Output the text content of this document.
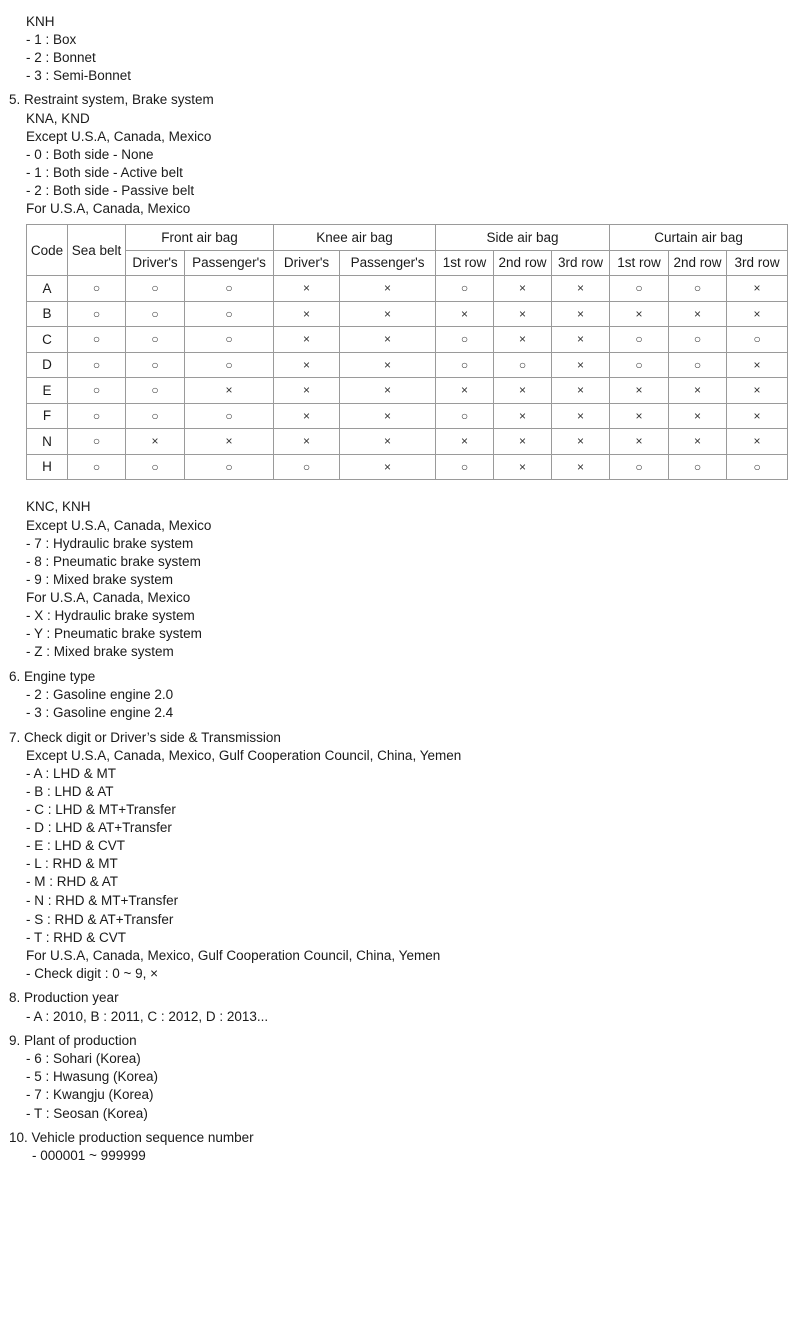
KNH
- 1 : Box
- 2 : Bonnet
- 3 : Semi-Bonnet
5. Restraint system, Brake system
KNA, KND
Except U.S.A, Canada, Mexico
- 0 : Both side - None
- 1 : Both side - Active belt
- 2 : Both side - Passive belt
For U.S.A, Canada, Mexico
Code	Sea belt	Front air bag		Knee air bag		Side air bag			Curtain air bag		
		Driver's	Passenger's	Driver's	Passenger's	1st row	2nd row	3rd row	1st row	2nd row	3rd row
A	○	○	○	×	×	○	×	×	○	○	×
B	○	○	○	×	×	×	×	×	×	×	×
C	○	○	○	×	×	○	×	×	○	○	○
D	○	○	○	×	×	○	○	×	○	○	×
E	○	○	×	×	×	×	×	×	×	×	×
F	○	○	○	×	×	○	×	×	×	×	×
N	○	×	×	×	×	×	×	×	×	×	×
H	○	○	○	○	×	○	×	×	○	○	○
KNC, KNH
Except U.S.A, Canada, Mexico
- 7 : Hydraulic brake system
- 8 : Pneumatic brake system
- 9 : Mixed brake system
For U.S.A, Canada, Mexico
- X : Hydraulic brake system
- Y : Pneumatic brake system
- Z : Mixed brake system
6. Engine type
- 2 : Gasoline engine 2.0
- 3 : Gasoline engine 2.4
7. Check digit or Driver’s side & Transmission
Except U.S.A, Canada, Mexico, Gulf Cooperation Council, China, Yemen
- A : LHD & MT
- B : LHD & AT
- C : LHD & MT+Transfer
- D : LHD & AT+Transfer
- E : LHD & CVT
- L : RHD & MT
- M : RHD & AT
- N : RHD & MT+Transfer
- S : RHD & AT+Transfer
- T : RHD & CVT
For U.S.A, Canada, Mexico, Gulf Cooperation Council, China, Yemen
- Check digit : 0 ~ 9, ×
8. Production year
- A : 2010, B : 2011, C : 2012, D : 2013...
9. Plant of production
- 6 : Sohari (Korea)
- 5 : Hwasung (Korea)
- 7 : Kwangju (Korea)
- T : Seosan (Korea)
10. Vehicle production sequence number
- 000001 ~ 999999
